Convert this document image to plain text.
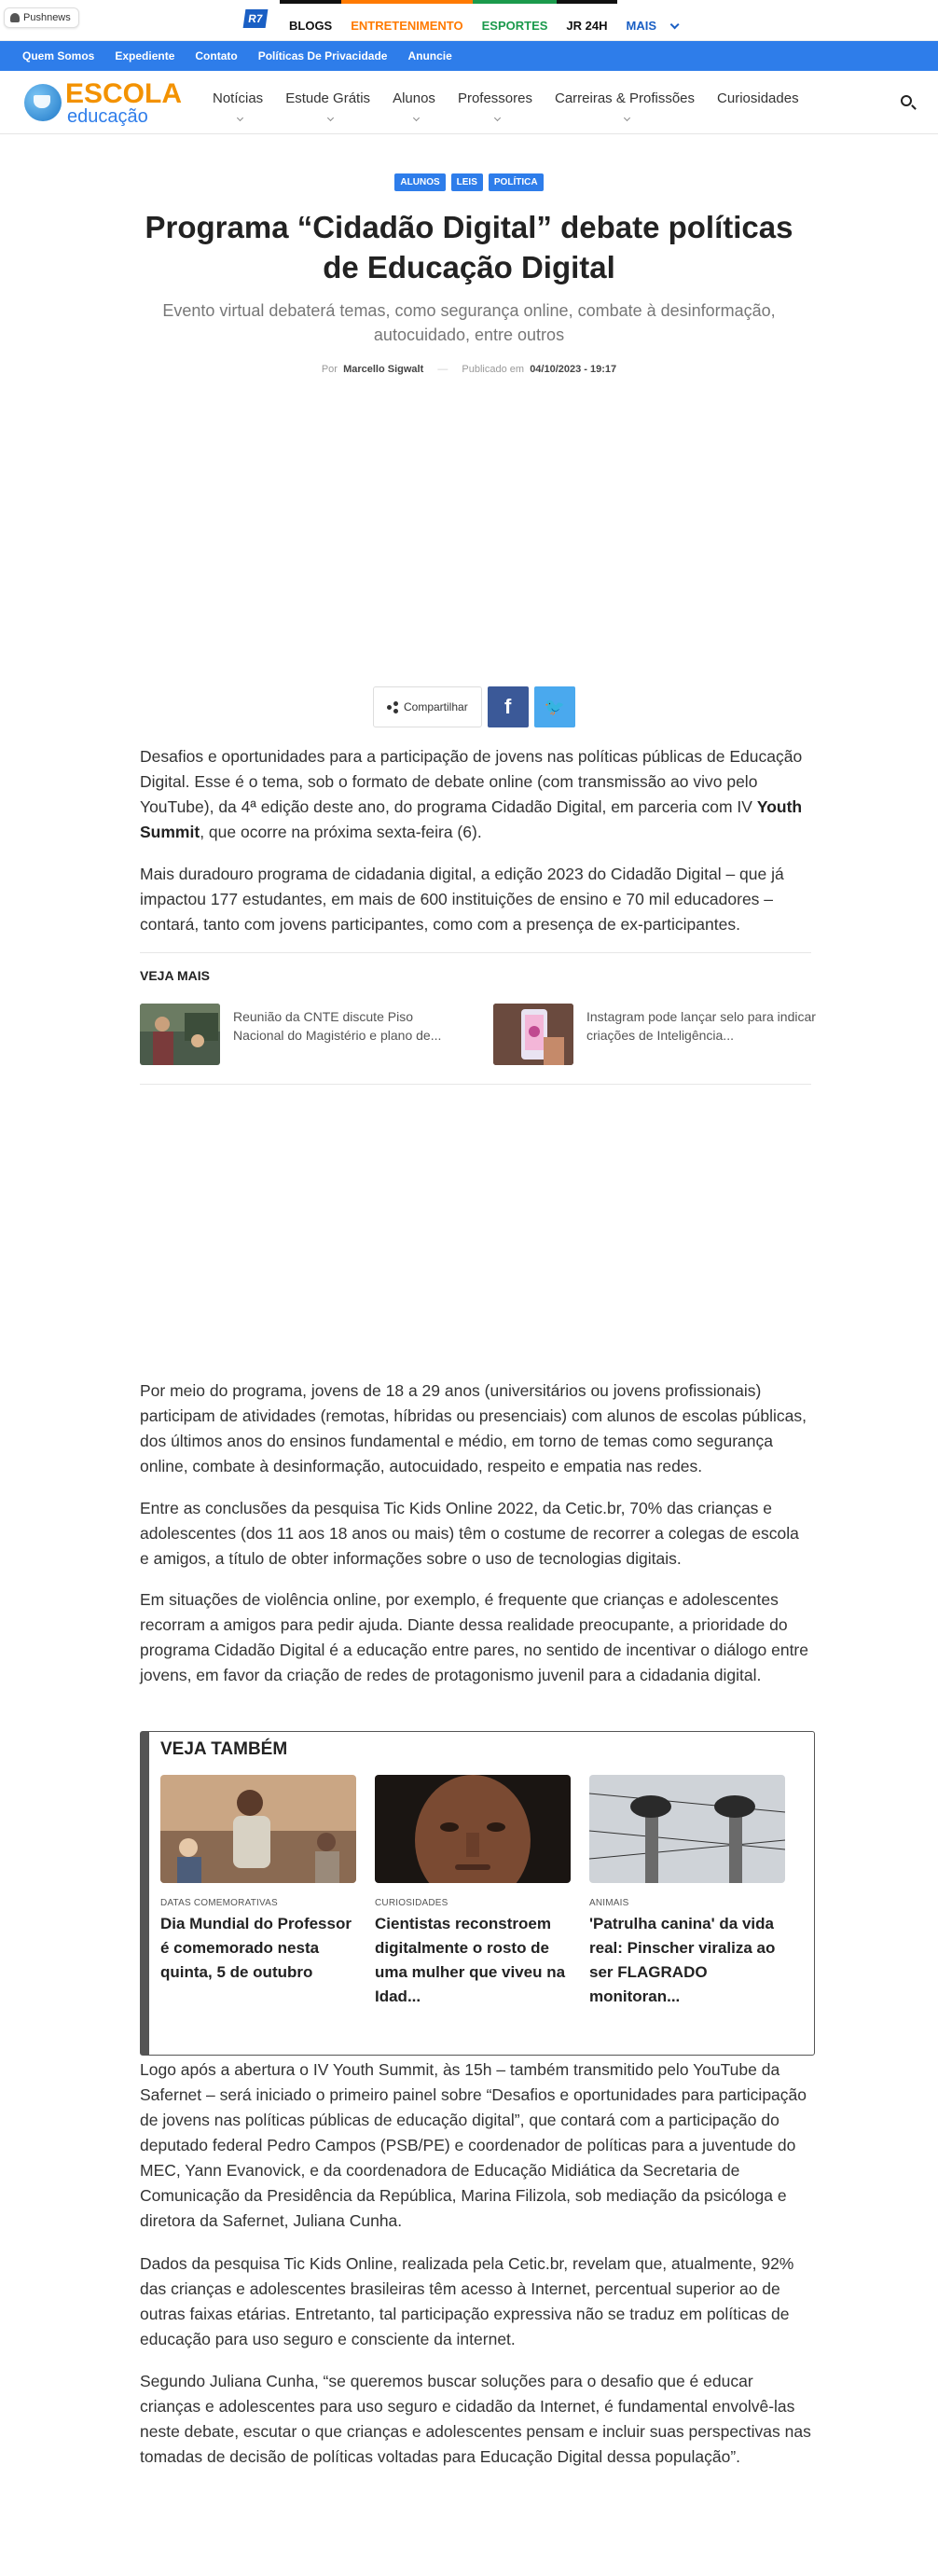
Pushnews	R7	BLOGS	ENTRETENIMENTO	ESPORTES	JR 24H	MAIS
Quem Somos Expediente Contato Políticas De Privacidade Anuncie
ESCOLA
educação
Notícias	Estude Grátis	Alunos	Professores	Carreiras & Profissões	Curiosidades
ALUNOS	LEIS	POLÍTICA
Programa “Cidadão Digital” debate políticas de Educação Digital
Evento virtual debaterá temas, como segurança online, combate à desinformação, autocuidado, entre outros
Por Marcello Sigwalt — Publicado em 04/10/2023 - 19:17
Compartilhar	f	🐦

Desafios e oportunidades para a participação de jovens nas políticas públicas de Educação Digital. Esse é o tema, sob o formato de debate online (com transmissão ao vivo pelo YouTube), da 4ª edição deste ano, do programa Cidadão Digital, em parceria com IV Youth Summit, que ocorre na próxima sexta-feira (6).

Mais duradouro programa de cidadania digital, a edição 2023 do Cidadão Digital – que já impactou 177 estudantes, em mais de 600 instituições de ensino e 70 mil educadores – contará, tanto com jovens participantes, como com a presença de ex-participantes.

VEJA MAIS
Reunião da CNTE discute Piso Nacional do Magistério e plano de...
Instagram pode lançar selo para indicar criações de Inteligência...

Por meio do programa, jovens de 18 a 29 anos (universitários ou jovens profissionais) participam de atividades (remotas, híbridas ou presenciais) com alunos de escolas públicas, dos últimos anos do ensinos fundamental e médio, em torno de temas como segurança online, combate à desinformação, autocuidado, respeito e empatia nas redes.

Entre as conclusões da pesquisa Tic Kids Online 2022, da Cetic.br, 70% das crianças e adolescentes (dos 11 aos 18 anos ou mais) têm o costume de recorrer a colegas de escola e amigos, a título de obter informações sobre o uso de tecnologias digitais.

Em situações de violência online, por exemplo, é frequente que crianças e adolescentes recorram a amigos para pedir ajuda. Diante dessa realidade preocupante, a prioridade do programa Cidadão Digital é a educação entre pares, no sentido de incentivar o diálogo entre jovens, em favor da criação de redes de protagonismo juvenil para a cidadania digital.

VEJA TAMBÉM
DATAS COMEMORATIVAS
Dia Mundial do Professor é comemorado nesta quinta, 5 de outubro
CURIOSIDADES
Cientistas reconstroem digitalmente o rosto de uma mulher que viveu na Idad...
ANIMAIS
'Patrulha canina' da vida real: Pinscher viraliza ao ser FLAGRADO monitoran...

Logo após a abertura o IV Youth Summit, às 15h – também transmitido pelo YouTube da Safernet – será iniciado o primeiro painel sobre “Desafios e oportunidades para participação de jovens nas políticas públicas de educação digital”, que contará com a participação do deputado federal Pedro Campos (PSB/PE) e coordenador de políticas para a juventude do MEC, Yann Evanovick, e da coordenadora de Educação Midiática da Secretaria de Comunicação da Presidência da República, Marina Filizola, sob mediação da psicóloga e diretora da Safernet, Juliana Cunha.

Dados da pesquisa Tic Kids Online, realizada pela Cetic.br, revelam que, atualmente, 92% das crianças e adolescentes brasileiras têm acesso à Internet, percentual superior ao de outras faixas etárias. Entretanto, tal participação expressiva não se traduz em políticas de educação para uso seguro e consciente da internet.

Segundo Juliana Cunha, “se queremos buscar soluções para o desafio que é educar crianças e adolescentes para uso seguro e cidadão da Internet, é fundamental envolvê-las neste debate, escutar o que crianças e adolescentes pensam e incluir suas perspectivas nas tomadas de decisão de políticas voltadas para Educação Digital dessa população”.
